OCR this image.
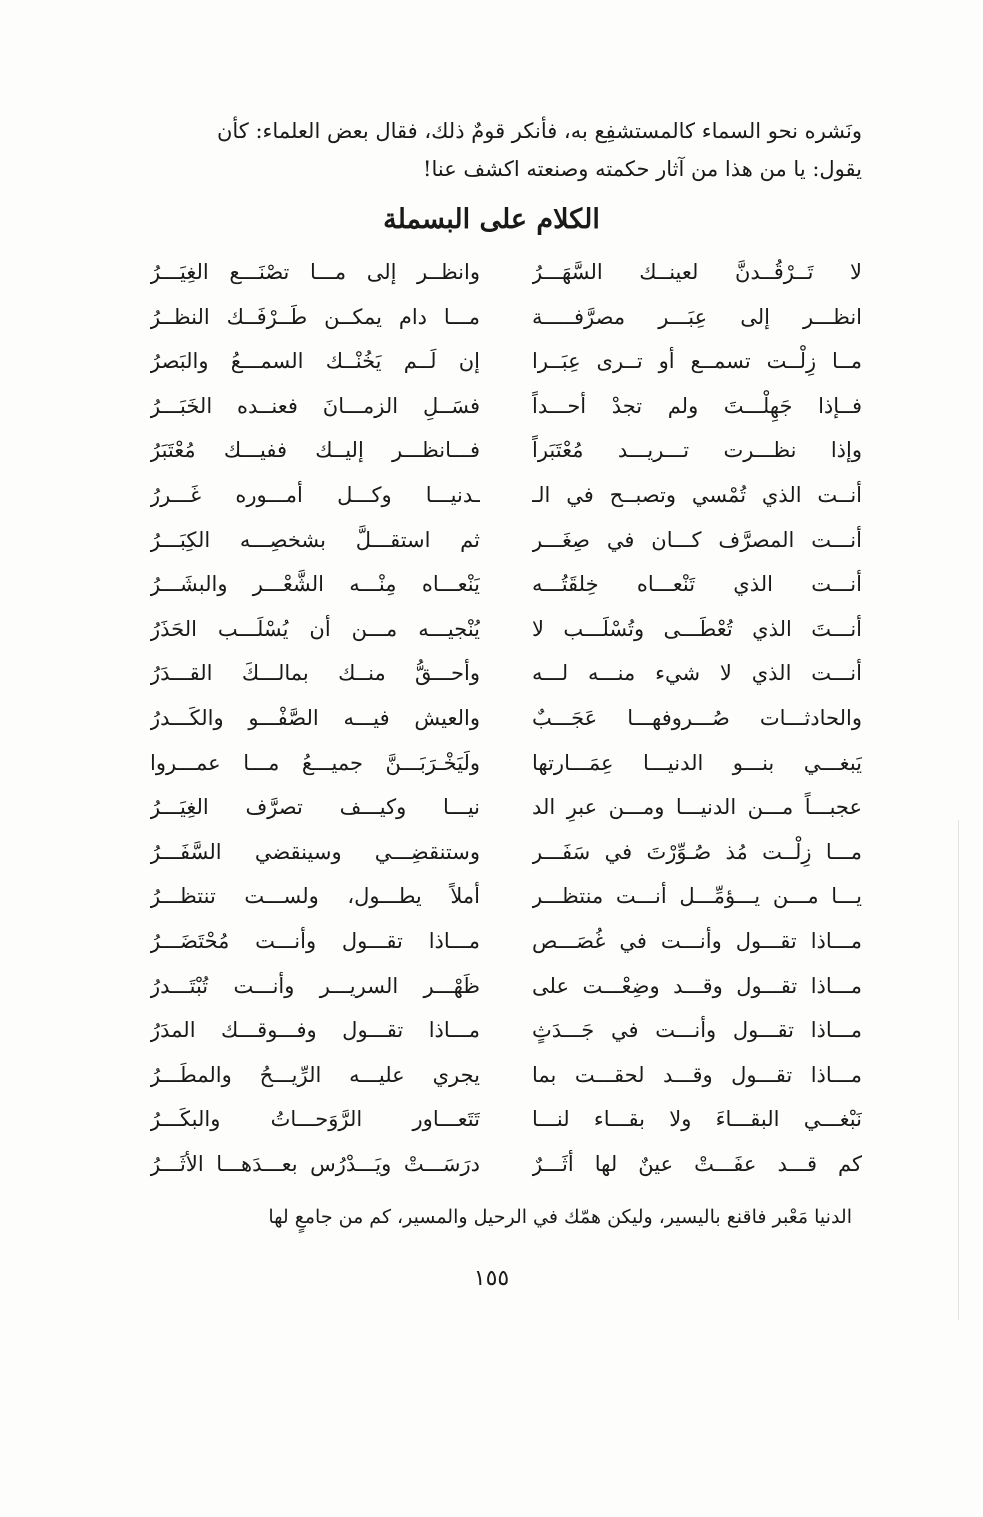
ونَشره نحو السماء كالمستشفِع به، فأنكر قومٌ ذلك، فقال بعض العلماء: كأن

يقول: يا من هذا من آثار حكمته وصنعته اكشف عنا!

الكلام على البسملة
لا تَــرْقُــدنَّ لعينــك السَّهَـــرُ
وانظــر إلى مـــا تصْنَـــع الغِيَـــرُ
انظـــر إلى عِبَـــر مصرَّفـــــة
مـــا دام يمكــن طَــرْفَــك النظــرُ
مــا زِلْــت تسمــع أو تــرى عِبَــرا
إن لَــم يَخُنْــك السمـــعُ والبَصرُ
فــإذا جَهِلْـــتَ ولم تجدْ أحـــداً
فسَــلِ الزمـــانَ فعنــده الخَبَـــرُ
وإذا نظـــرت تـــريـــد مُعْتَبَراً
فـــانظـــر إليــك ففيـــك مُعْتَبَرُ
أنــت الذي تُمْسي وتصبــح في الـ
ـدنيـــا وكـــل أمـــوره غَـــررُ
أنـــت المصرَّف كـــان في صِغَـــر
ثم استقـــلَّ بشخصِـــه الكِبَـــرُ
أنـــت الذي تَنْعـــاه خِلقَتُـــه
يَنْعـــاه مِنْـــه الشَّعْـــر والبشَـــرُ
أنـــتَ الذي تُعْطَـــى وتُسْلَـــب لا
يُنْجيـــه مـــن أن يُسْلَـــب الحَذَرُ
أنـــت الذي لا شيء منـــه لـــه
وأحـــقُّ منــك بمالـــكَ القـــدَرُ
والحادثـــات صُـــروفهـــا عَجَـــبٌ
والعيش فيـــه الصَّفْـــو والكَـــدرُ
يَبغـــي بنـــو الدنيـــا عِمَـــارتها
ولَيَخْـرَبَـــنَّ جميـــعُ مـــا عمـــروا
عجبـــاً مـــن الدنيـــا ومـــن عبرِ الد
نيـــا وكيـــف تصرَّف الغِيَـــرُ
مـــا زِلْــت مُذ صُـوِّرْتَ في سَفَـــر
وستنقضِـــي وسينقضي السَّفَـــرُ
يـــا مـــن يـــؤمِّـــل أنـــت منتظـــر
أملاً يطـــول، ولســـت تنتظـــرُ
مـــاذا تقـــول وأنـــت في غُصَـــص
مـــاذا تقـــول وأنـــت مُحْتَضَـــرُ
مـــاذا تقـــول وقـــد وضِعْـــت على
ظَهْـــر السريـــر وأنـــت تُبْتَـــدرُ
مـــاذا تقـــول وأنـــت في جَـــدَثٍ
مـــاذا تقـــول وفـــوقـــك المدَرُ
مـــاذا تقـــول وقـــد لحقـــت بما
يجري عليـــه الرِّيـــحُ والمطَـــرُ
نَبْغـــي البقـــاءَ ولا بقـــاء لنـــا
تَتَعـــاور الرَّوَحـــاتُ والبكَـــرُ
كم قـــد عفَـــتْ عينٌ لها أثَـــرٌ
درَسَـــتْ ويَـــدْرُس بعـــدَهـــا الأثَـــرُ
الدنيا مَعْبر فاقنع باليسير، وليكن همّك في الرحيل والمسير، كم من جامعٍ لها
١٥٥
